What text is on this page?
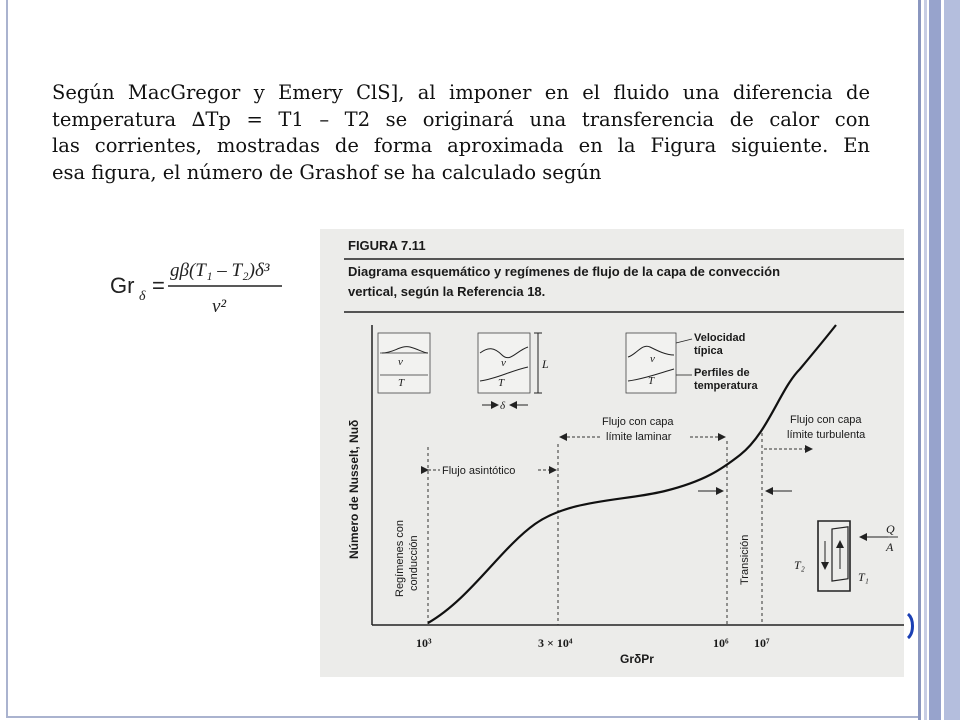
Según MacGregor y Emery ClS], al imponer en el fluido una diferencia de
temperatura ∆Tp = T1 – T2 se originará una transferencia de calor con
las corrientes, mostradas de forma aproximada en la Figura siguiente. En
esa figura, el número de Grashof se ha calculado según
Gr δ =
gβ(T₁ – T₂)δ³
ν²
FIGURA 7.11
Diagrama esquemático y regímenes de flujo de la capa de convección
vertical, según la Referencia 18.
Número de Nusselt, Nuδ
GrδPr
10³	3 × 10⁴	10⁶ 10⁷
Flujo asintótico
Flujo con capa
límite laminar
Flujo con capa
límite turbulenta
Transición
Regímenes con conducción
v
T
v
T
L
δ
v
T
Velocidad
típica
Perfiles de
temperatura
Q
A
T₂
T₁
